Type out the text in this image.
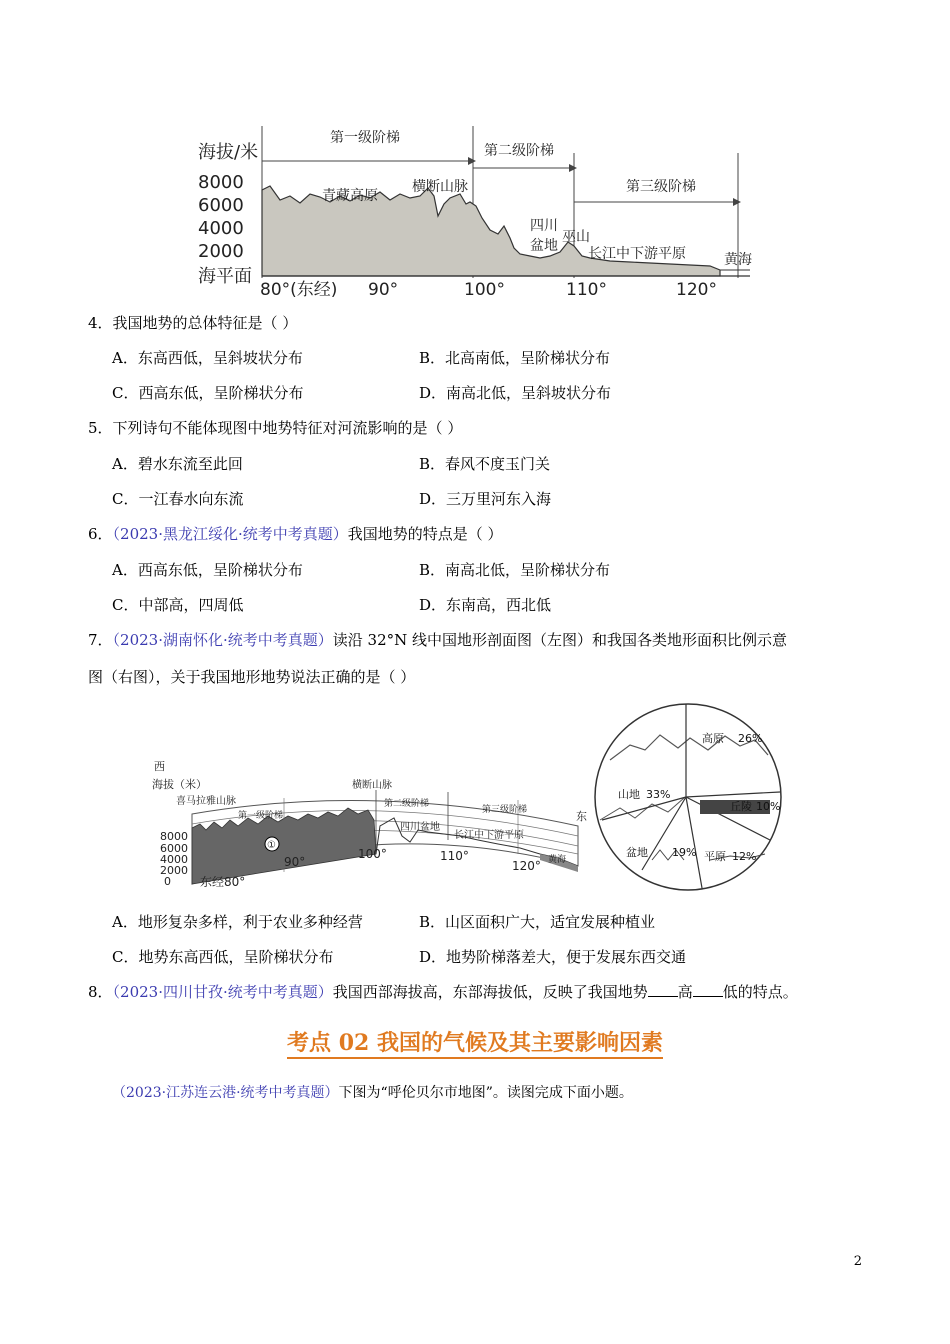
海拔/米
8000
6000
4000
2000
海平面
第一级阶梯
第二级阶梯
第三级阶梯
青藏高原
横断山脉
四川
盆地
巫山
长江中下游平原	黄海
80°(东经) 90°	100°	110°	120°
4．我国地势的总体特征是（ ）
A．东高西低，呈斜坡状分布	B．北高南低，呈阶梯状分布
C．西高东低，呈阶梯状分布	D．南高北低，呈斜坡状分布
5．下列诗句不能体现图中地势特征对河流影响的是（ ）
A．碧水东流至此回	B．春风不度玉门关
C．一江春水向东流	D．三万里河东入海
6．（2023·黑龙江绥化·统考中考真题）我国地势的特点是（ ）
A．西高东低，呈阶梯状分布	B．南高北低，呈阶梯状分布
C．中部高，四周低	D．东南高，西北低
7．（2023·湖南怀化·统考中考真题）读沿 32°N 线中国地形剖面图（左图）和我国各类地形面积比例示意
图（右图），关于我国地形地势说法正确的是（ ）
西
海拔（米）
8000
6000
4000
2000
0
东
喜马拉雅山脉
横断山脉
第一级阶梯
第二级阶梯
第三级阶梯
四川盆地
长江中下游平原
黄海
①
东经80°
90°
100°	110°
120°
高原 26%
山地 33%
丘陵 10%
盆地 19% 平原 12%
A．地形复杂多样，利于农业多种经营	B．山区面积广大，适宜发展种植业
C．地势东高西低，呈阶梯状分布	D．地势阶梯落差大，便于发展东西交通
8．（2023·四川甘孜·统考中考真题）我国西部海拔高，东部海拔低，反映了我国地势 高 低的特点。
考点 02 我国的气候及其主要影响因素
（2023·江苏连云港·统考中考真题）下图为“呼伦贝尔市地图”。读图完成下面小题。
2
